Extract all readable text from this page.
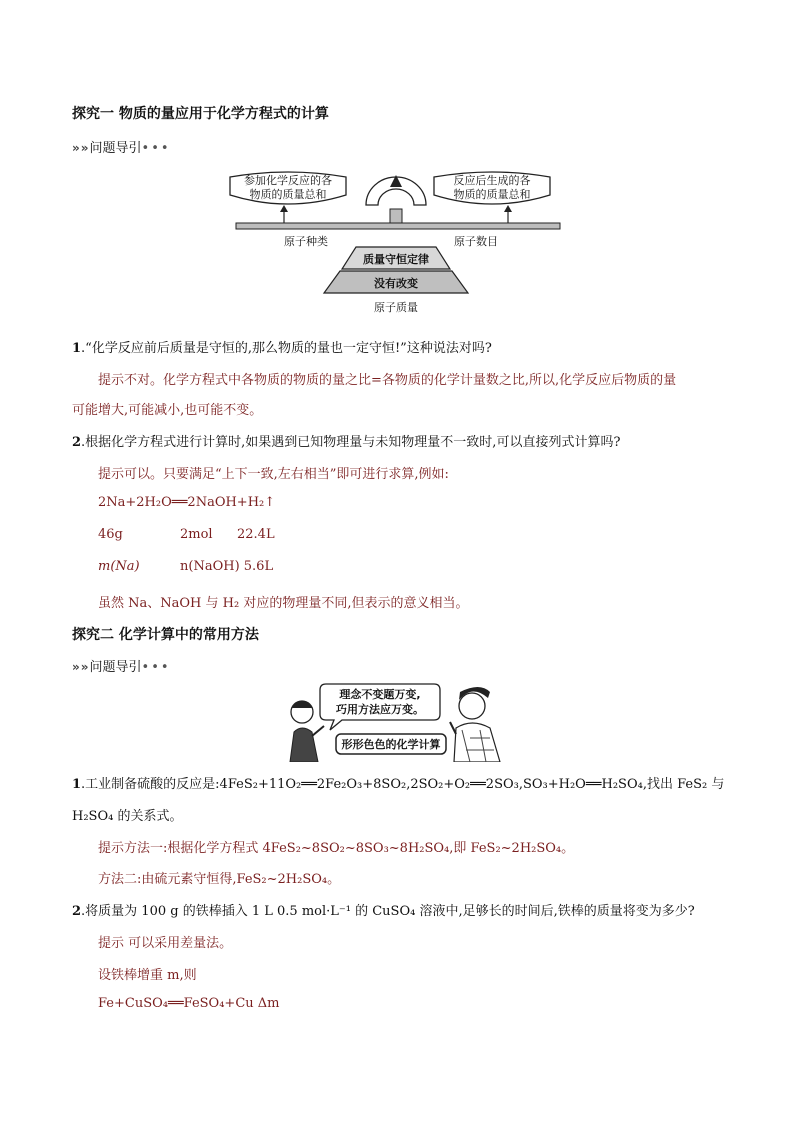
探究一 物质的量应用于化学方程式的计算
»»问题导引•••
参加化学反应的各
物质的质量总和
反应后生成的各
物质的质量总和
原子种类	原子数目
质量守恒定律
没有改变
原子质量
1.“化学反应前后质量是守恒的,那么物质的量也一定守恒!”这种说法对吗?
提示不对。化学方程式中各物质的物质的量之比=各物质的化学计量数之比,所以,化学反应后物质的量
可能增大,可能减小,也可能不变。
2.根据化学方程式进行计算时,如果遇到已知物理量与未知物理量不一致时,可以直接列式计算吗?
提示可以。只要满足“上下一致,左右相当”即可进行求算,例如:
2Na+2H₂O══2NaOH+H₂↑
46g	2mol 22.4L
m(Na)	n(NaOH) 5.6L
虽然 Na、NaOH 与 H₂ 对应的物理量不同,但表示的意义相当。
探究二 化学计算中的常用方法
»»问题导引•••
理念不变题万变,
巧用方法应万变。
形形色色的化学计算
1.工业制备硫酸的反应是:4FeS₂+11O₂══2Fe₂O₃+8SO₂,2SO₂+O₂══2SO₃,SO₃+H₂O══H₂SO₄,找出 FeS₂ 与
H₂SO₄ 的关系式。
提示方法一:根据化学方程式 4FeS₂~8SO₂~8SO₃~8H₂SO₄,即 FeS₂~2H₂SO₄。
方法二:由硫元素守恒得,FeS₂~2H₂SO₄。
2.将质量为 100 g 的铁棒插入 1 L 0.5 mol·L⁻¹ 的 CuSO₄ 溶液中,足够长的时间后,铁棒的质量将变为多少?
提示 可以采用差量法。
设铁棒增重 m,则
Fe+CuSO₄══FeSO₄+Cu Δm
